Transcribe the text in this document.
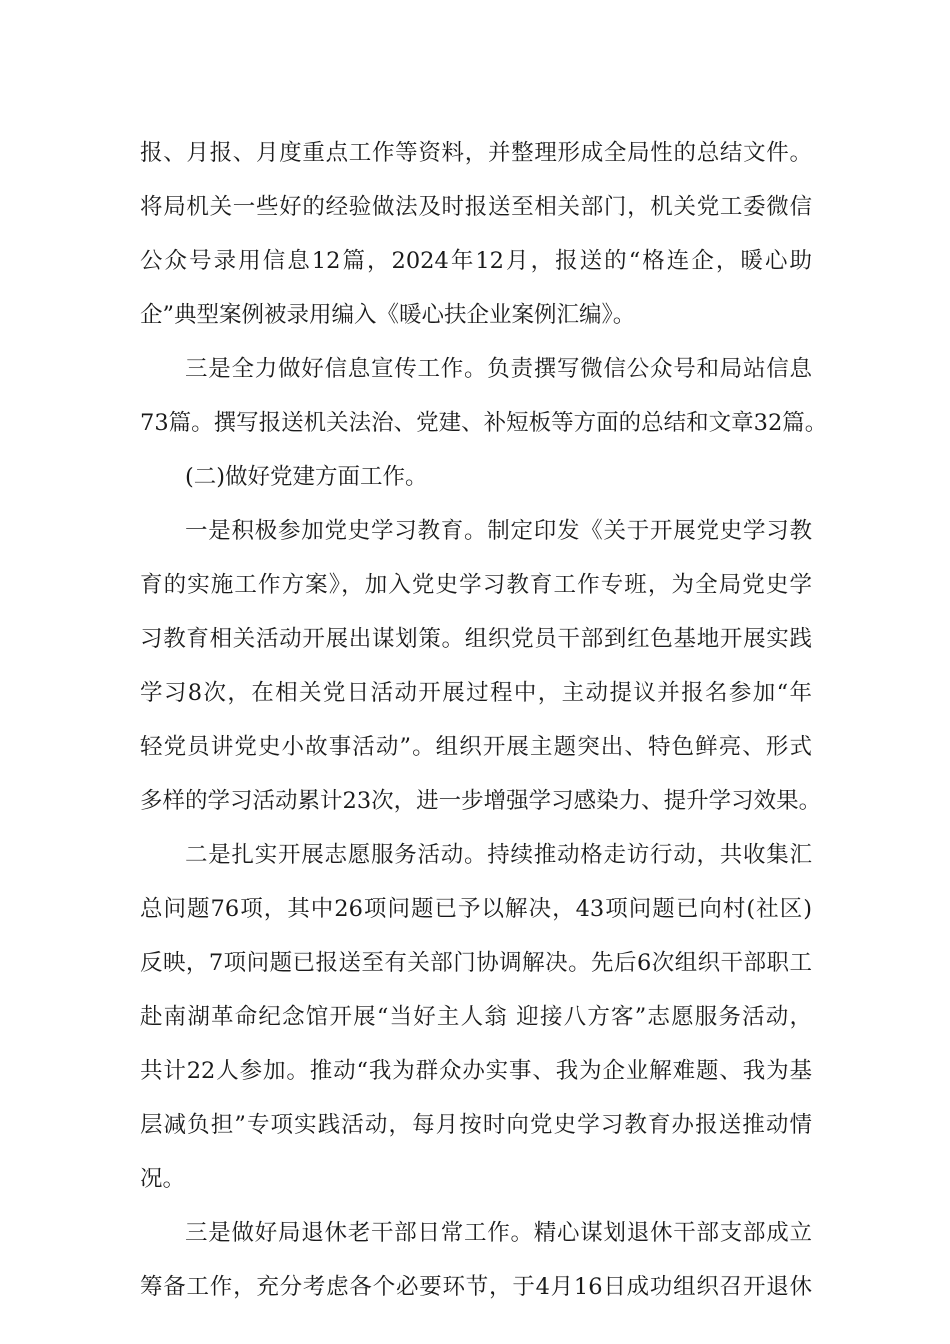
报、月报、月度重点工作等资料，并整理形成全局性的总结文件。
将局机关一些好的经验做法及时报送至相关部门，机关党工委微信
公众号录用信息12篇，2024年12月，报送的“格连企，暖心助
企”典型案例被录用编入《暖心扶企业案例汇编》。
三是全力做好信息宣传工作。负责撰写微信公众号和局站信息
73篇。撰写报送机关法治、党建、补短板等方面的总结和文章32篇。
(二)做好党建方面工作。
一是积极参加党史学习教育。制定印发《关于开展党史学习教
育的实施工作方案》，加入党史学习教育工作专班，为全局党史学
习教育相关活动开展出谋划策。组织党员干部到红色基地开展实践
学习8次，在相关党日活动开展过程中，主动提议并报名参加“年
轻党员讲党史小故事活动”。组织开展主题突出、特色鲜亮、形式
多样的学习活动累计23次，进一步增强学习感染力、提升学习效果。
二是扎实开展志愿服务活动。持续推动格走访行动，共收集汇
总问题76项，其中26项问题已予以解决，43项问题已向村(社区)
反映，7项问题已报送至有关部门协调解决。先后6次组织干部职工
赴南湖革命纪念馆开展“当好主人翁 迎接八方客”志愿服务活动，
共计22人参加。推动“我为群众办实事、我为企业解难题、我为基
层减负担”专项实践活动，每月按时向党史学习教育办报送推动情
况。
三是做好局退休老干部日常工作。精心谋划退休干部支部成立
筹备工作，充分考虑各个必要环节，于4月16日成功组织召开退休
